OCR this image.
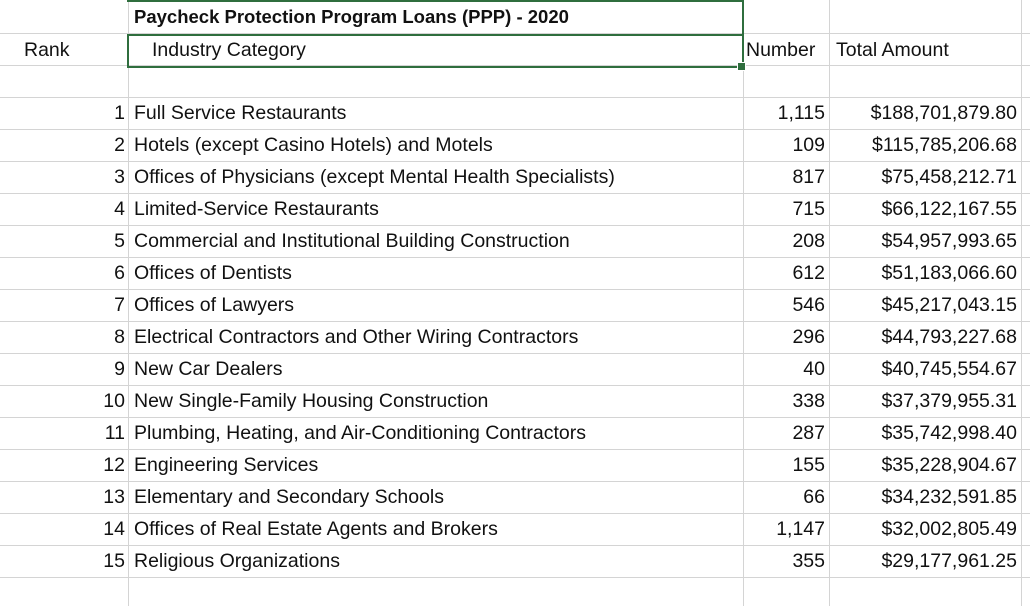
Paycheck Protection Program Loans (PPP) - 2020
Rank	Industry Category	Number Total Amount
1 Full Service Restaurants	1,115	$188,701,879.80
2 Hotels (except Casino Hotels) and Motels	109	$115,785,206.68
3 Offices of Physicians (except Mental Health Specialists)	817	$75,458,212.71
4 Limited-Service Restaurants	715	$66,122,167.55
5 Commercial and Institutional Building Construction	208	$54,957,993.65
6 Offices of Dentists	612	$51,183,066.60
7 Offices of Lawyers	546	$45,217,043.15
8 Electrical Contractors and Other Wiring Contractors	296	$44,793,227.68
9 New Car Dealers	40	$40,745,554.67
10 New Single-Family Housing Construction	338	$37,379,955.31
11 Plumbing, Heating, and Air-Conditioning Contractors	287	$35,742,998.40
12 Engineering Services	155	$35,228,904.67
13 Elementary and Secondary Schools	66	$34,232,591.85
14 Offices of Real Estate Agents and Brokers	1,147	$32,002,805.49
15 Religious Organizations	355	$29,177,961.25
